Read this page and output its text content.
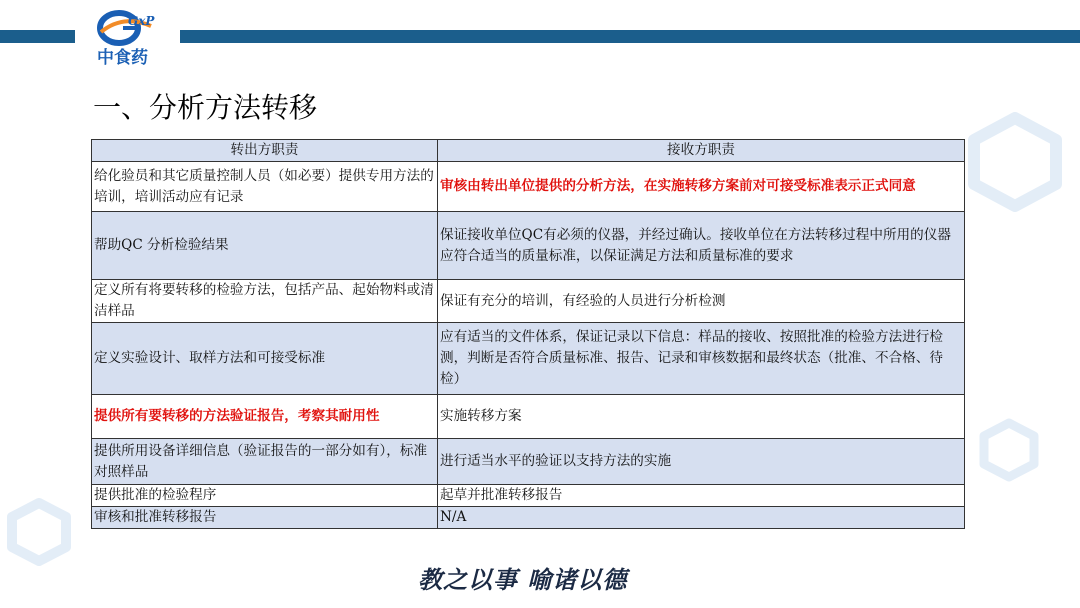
GxP
中食药
一、分析方法转移
转出方职责	接收方职责
给化验员和其它质量控制人员（如必要）提供专用方法的培训，培训活动应有记录	审核由转出单位提供的分析方法，在实施转移方案前对可接受标准表示正式同意
帮助QC 分析检验结果	保证接收单位QC有必须的仪器，并经过确认。接收单位在方法转移过程中所用的仪器应符合适当的质量标准，以保证满足方法和质量标准的要求
定义所有将要转移的检验方法，包括产品、起始物料或清洁样品	保证有充分的培训，有经验的人员进行分析检测
定义实验设计、取样方法和可接受标准	应有适当的文件体系，保证记录以下信息：样品的接收、按照批准的检验方法进行检测，判断是否符合质量标准、报告、记录和审核数据和最终状态（批准、不合格、待检）
提供所有要转移的方法验证报告，考察其耐用性	实施转移方案
提供所用设备详细信息（验证报告的一部分如有），标准对照样品	进行适当水平的验证以支持方法的实施
提供批准的检验程序	起草并批准转移报告
审核和批准转移报告	N/A
教之以事 喻诸以德
